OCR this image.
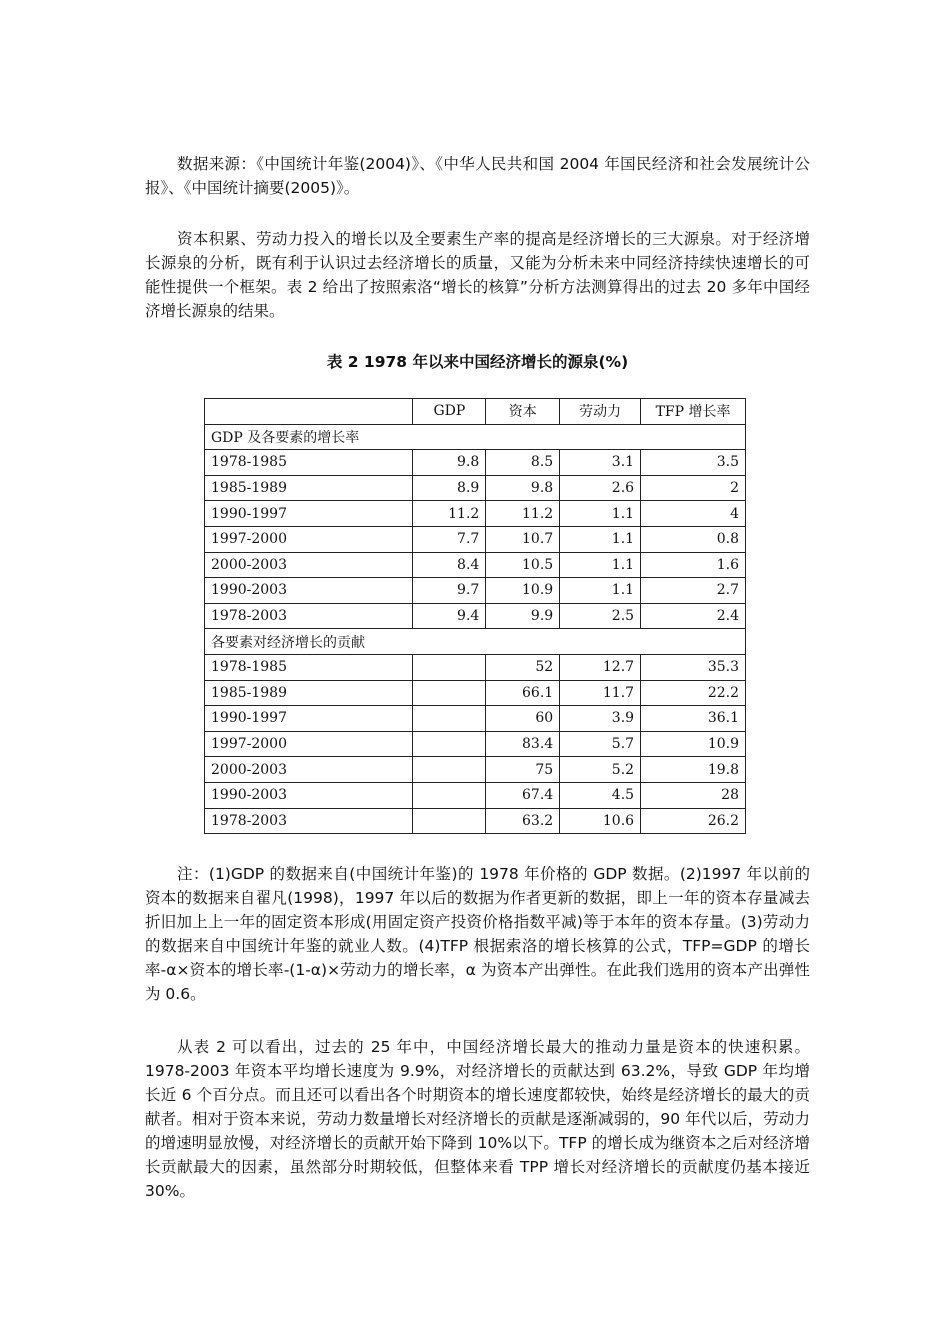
数据来源：《中国统计年鉴(2004)》、《中华人民共和国 2004 年国民经济和社会发展统计公报》、《中国统计摘要(2005)》。

资本积累、劳动力投入的增长以及全要素生产率的提高是经济增长的三大源泉。对于经济增长源泉的分析，既有利于认识过去经济增长的质量，又能为分析未来中同经济持续快速增长的可能性提供一个框架。表 2 给出了按照索洛“增长的核算”分析方法测算得出的过去 20 多年中国经济增长源泉的结果。

表 2 1978 年以来中国经济增长的源泉(%)

	GDP	资本	劳动力	TFP 增长率
GDP 及各要素的增长率				
1978-1985	9.8	8.5	3.1	3.5
1985-1989	8.9	9.8	2.6	2
1990-1997	11.2	11.2	1.1	4
1997-2000	7.7	10.7	1.1	0.8
2000-2003	8.4	10.5	1.1	1.6
1990-2003	9.7	10.9	1.1	2.7
1978-2003	9.4	9.9	2.5	2.4
各要素对经济增长的贡献				
1978-1985		52	12.7	35.3
1985-1989		66.1	11.7	22.2
1990-1997		60	3.9	36.1
1997-2000		83.4	5.7	10.9
2000-2003		75	5.2	19.8
1990-2003		67.4	4.5	28
1978-2003		63.2	10.6	26.2

注：(1)GDP 的数据来自(中国统计年鉴)的 1978 年价格的 GDP 数据。(2)1997 年以前的资本的数据来自翟凡(1998)，1997 年以后的数据为作者更新的数据，即上一年的资本存量减去折旧加上上一年的固定资本形成(用固定资产投资价格指数平减)等于本年的资本存量。(3)劳动力的数据来自中国统计年鉴的就业人数。(4)TFP 根据索洛的增长核算的公式，TFP=GDP 的增长率-α×资本的增长率-(1-α)×劳动力的增长率，α 为资本产出弹性。在此我们选用的资本产出弹性为 0.6。

从表 2 可以看出，过去的 25 年中，中国经济增长最大的推动力量是资本的快速积累。1978-2003 年资本平均增长速度为 9.9%，对经济增长的贡献达到 63.2%，导致 GDP 年均增长近 6 个百分点。而且还可以看出各个时期资本的增长速度都较快，始终是经济增长的最大的贡献者。相对于资本来说，劳动力数量增长对经济增长的贡献是逐渐减弱的，90 年代以后，劳动力的增速明显放慢，对经济增长的贡献开始下降到 10%以下。TFP 的增长成为继资本之后对经济增长贡献最大的因素，虽然部分时期较低，但整体来看 TPP 增长对经济增长的贡献度仍基本接近 30%。
